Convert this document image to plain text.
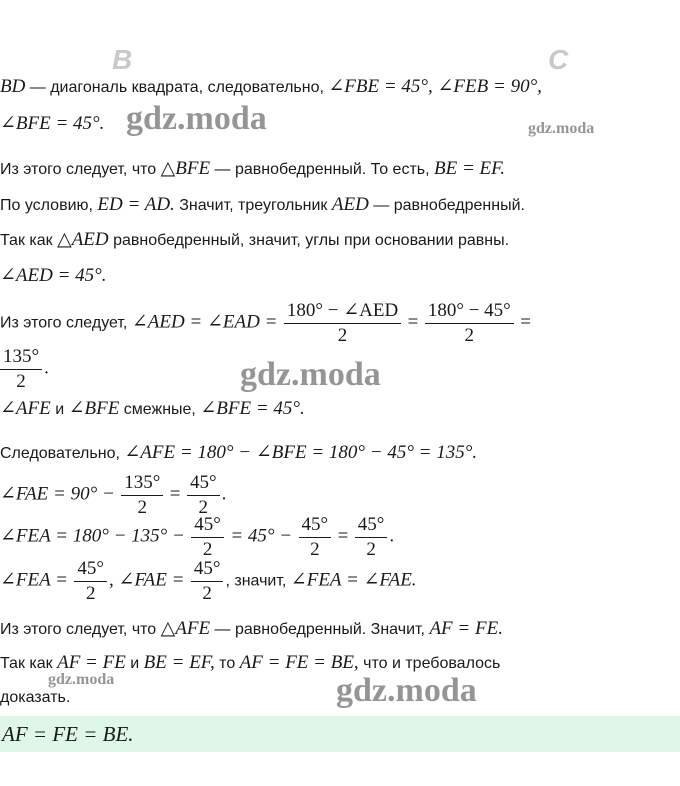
B	C
BD — диагональ квадрата, следовательно, ∠FBE = 45°, ∠FEB = 90°,
∠BFE = 45°.
Из этого следует, что △BFE — равнобедренный. То есть, BE = EF.
По условию, ED = AD. Значит, треугольник AED — равнобедренный.
Так как △AED равнобедренный, значит, углы при основании равны.
∠AED = 45°.
Из этого следует, ∠AED = ∠EAD = $\frac{\text{180° − ∠AED}}{2} = \frac{180^\circ - 45^\circ}{2}$ =
$\frac{135^\circ}{2}$ .
∠AFE и ∠BFE смежные, ∠BFE = 45°.
Следовательно, ∠AFE = 180° − ∠BFE = 180° − 45° = 135°.
∠FAE = $90^\circ - \frac{135^\circ}{2} = \frac{45^\circ}{2}$ .
∠FEA = $180^\circ - 135^\circ - \frac{45^\circ}{2} = 45^\circ - \frac{45^\circ}{2} = \frac{45^\circ}{2}$ .
∠FEA = $\frac{45^\circ}{2}$ , ∠FAE = $\frac{45^\circ}{2}$ , значит, ∠FEA = ∠FAE.
Из этого следует, что △AFE — равнобедренный. Значит, AF = FE.
Так как AF = FE и BE = EF, то AF = FE = BE, что и требовалось
доказать.
AF = FE = BE.
gdz.moda	gdz.moda
gdz.moda
gdz.moda	gdz.moda
